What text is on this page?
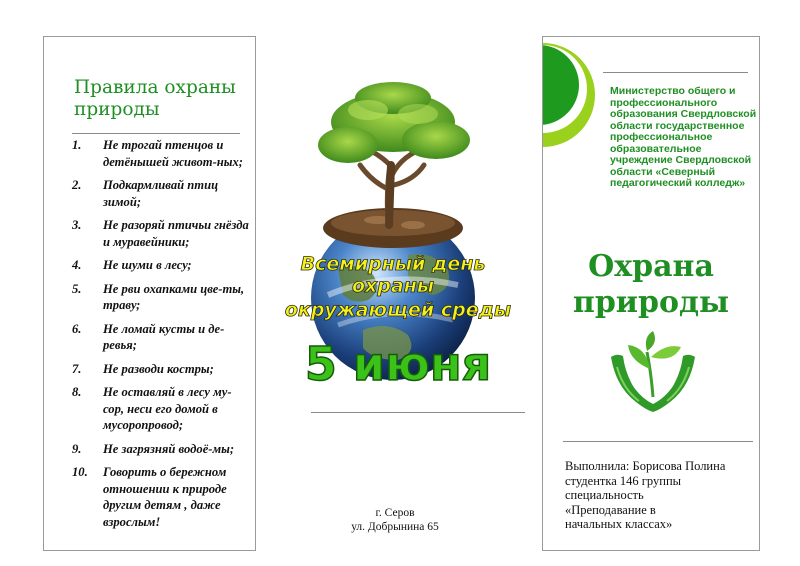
Правила охраны природы
1. Не трогай птенцов и детёнышей живот-ных;
2. Подкармливай птиц зимой;
3. Не разоряй птичьи гнёзда и муравейники;
4. Не шуми в лесу;
5. Не рви охапками цве-ты, траву;
6. Не ломай кусты и де-ревья;
7. Не разводи костры;
8. Не оставляй в лесу му-сор, неси его домой в мусоропровод;
9. Не загрязняй водоё-мы;
10. Говорить о бережном отношении к природе другим детям , даже взрослым!
Всемирный день
охраны
окружающей среды
5 июня
г. Серов
ул. Добрынина 65

Министерство общего и профессионального образования Свердловской области государственное профессиональное образовательное учреждение Свердловской области «Северный педагогический колледж»

Охрана
природы
Выполнила: Борисова Полина
студентка 146 группы
специальность
«Преподавание в
начальных классах»
